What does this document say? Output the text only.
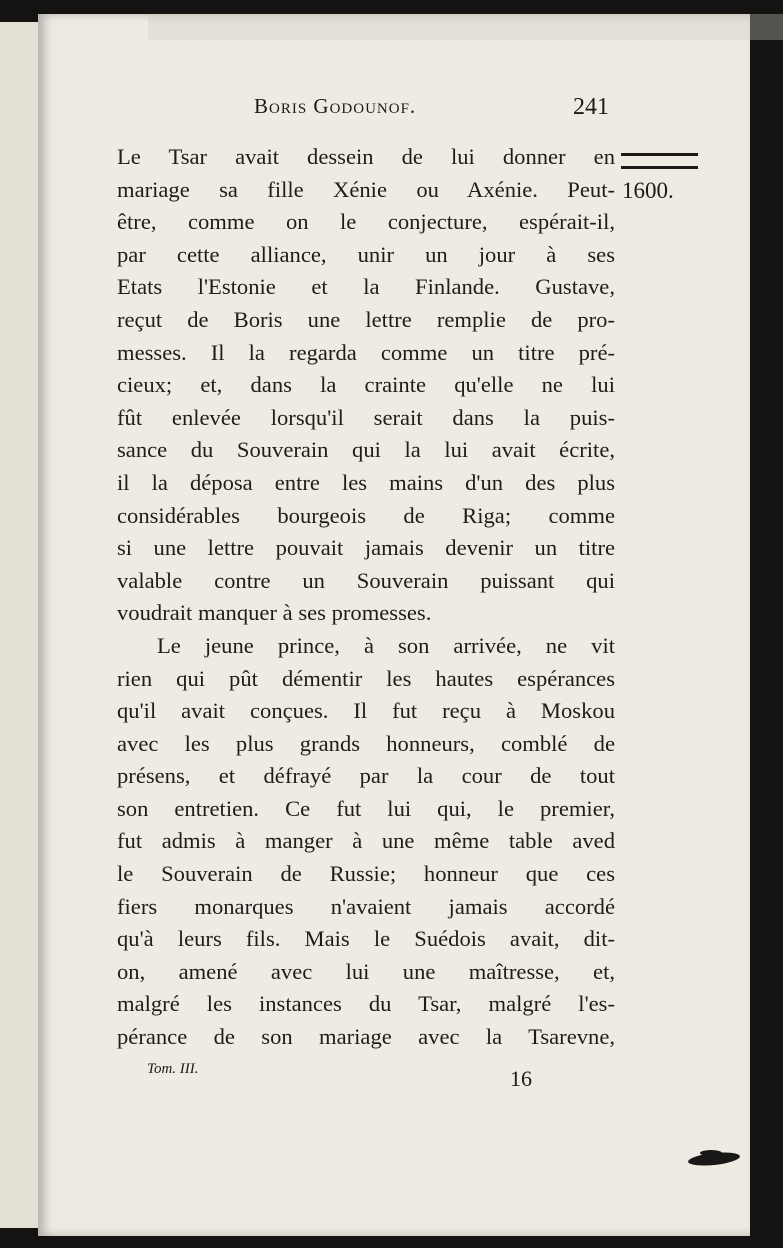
Boris Godounof.	241
1600.
Le Tsar avait dessein de lui donner en
mariage sa fille Xénie ou Axénie. Peut-
être, comme on le conjecture, espérait-il,
par cette alliance, unir un jour à ses
Etats l'Estonie et la Finlande. Gustave,
reçut de Boris une lettre remplie de pro-
messes. Il la regarda comme un titre pré-
cieux; et, dans la crainte qu'elle ne lui
fût enlevée lorsqu'il serait dans la puis-
sance du Souverain qui la lui avait écrite,
il la déposa entre les mains d'un des plus
considérables bourgeois de Riga; comme
si une lettre pouvait jamais devenir un titre
valable contre un Souverain puissant qui
voudrait manquer à ses promesses.
Le jeune prince, à son arrivée, ne vit
rien qui pût démentir les hautes espérances
qu'il avait conçues. Il fut reçu à Moskou
avec les plus grands honneurs, comblé de
présens, et défrayé par la cour de tout
son entretien. Ce fut lui qui, le premier,
fut admis à manger à une même table aved
le Souverain de Russie; honneur que ces
fiers monarques n'avaient jamais accordé
qu'à leurs fils. Mais le Suédois avait, dit-
on, amené avec lui une maîtresse, et,
malgré les instances du Tsar, malgré l'es-
pérance de son mariage avec la Tsarevne,
Tom. III.	16
